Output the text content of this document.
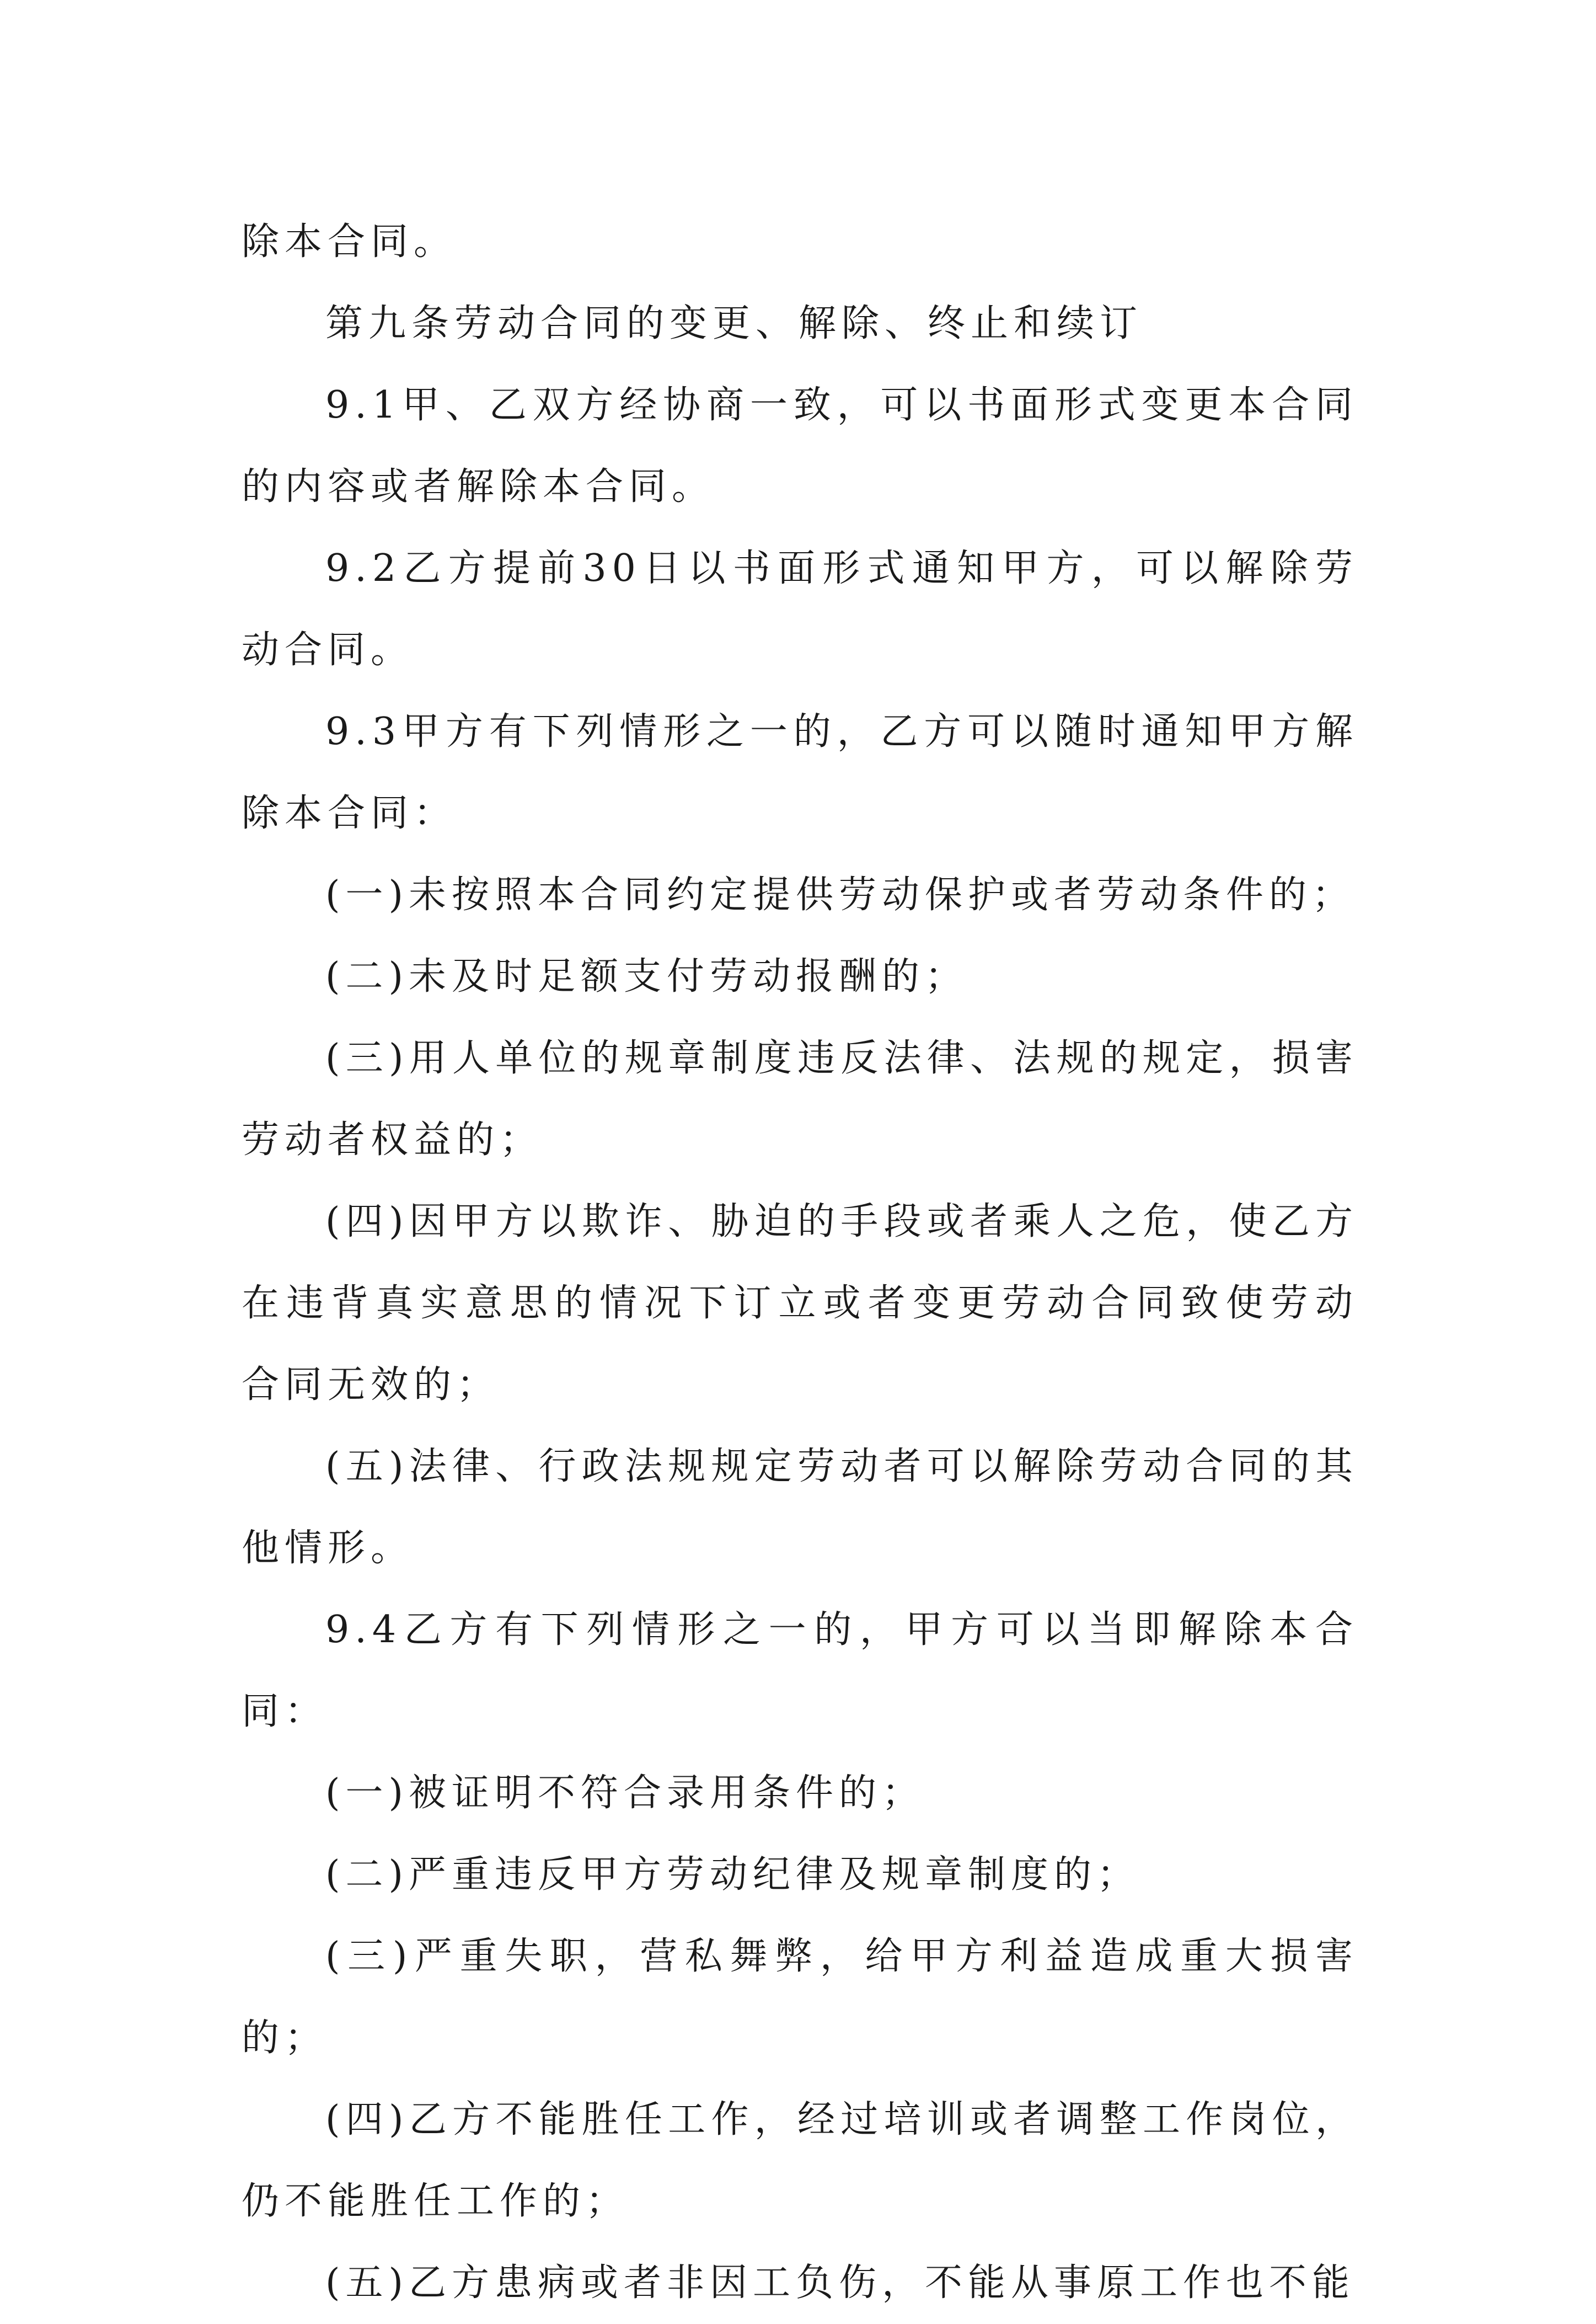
除本合同。

第九条劳动合同的变更、解除、终止和续订

9.1甲、乙双方经协商一致，可以书面形式变更本合同的内容或者解除本合同。

9.2乙方提前30日以书面形式通知甲方，可以解除劳动合同。

9.3甲方有下列情形之一的，乙方可以随时通知甲方解除本合同：

(一)未按照本合同约定提供劳动保护或者劳动条件的；

(二)未及时足额支付劳动报酬的；

(三)用人单位的规章制度违反法律、法规的规定，损害劳动者权益的；

(四)因甲方以欺诈、胁迫的手段或者乘人之危，使乙方在违背真实意思的情况下订立或者变更劳动合同致使劳动合同无效的；

(五)法律、行政法规规定劳动者可以解除劳动合同的其他情形。

9.4乙方有下列情形之一的，甲方可以当即解除本合同：

(一)被证明不符合录用条件的；

(二)严重违反甲方劳动纪律及规章制度的；

(三)严重失职，营私舞弊，给甲方利益造成重大损害的；

(四)乙方不能胜任工作，经过培训或者调整工作岗位，仍不能胜任工作的；

(五)乙方患病或者非因工负伤，不能从事原工作也不能
